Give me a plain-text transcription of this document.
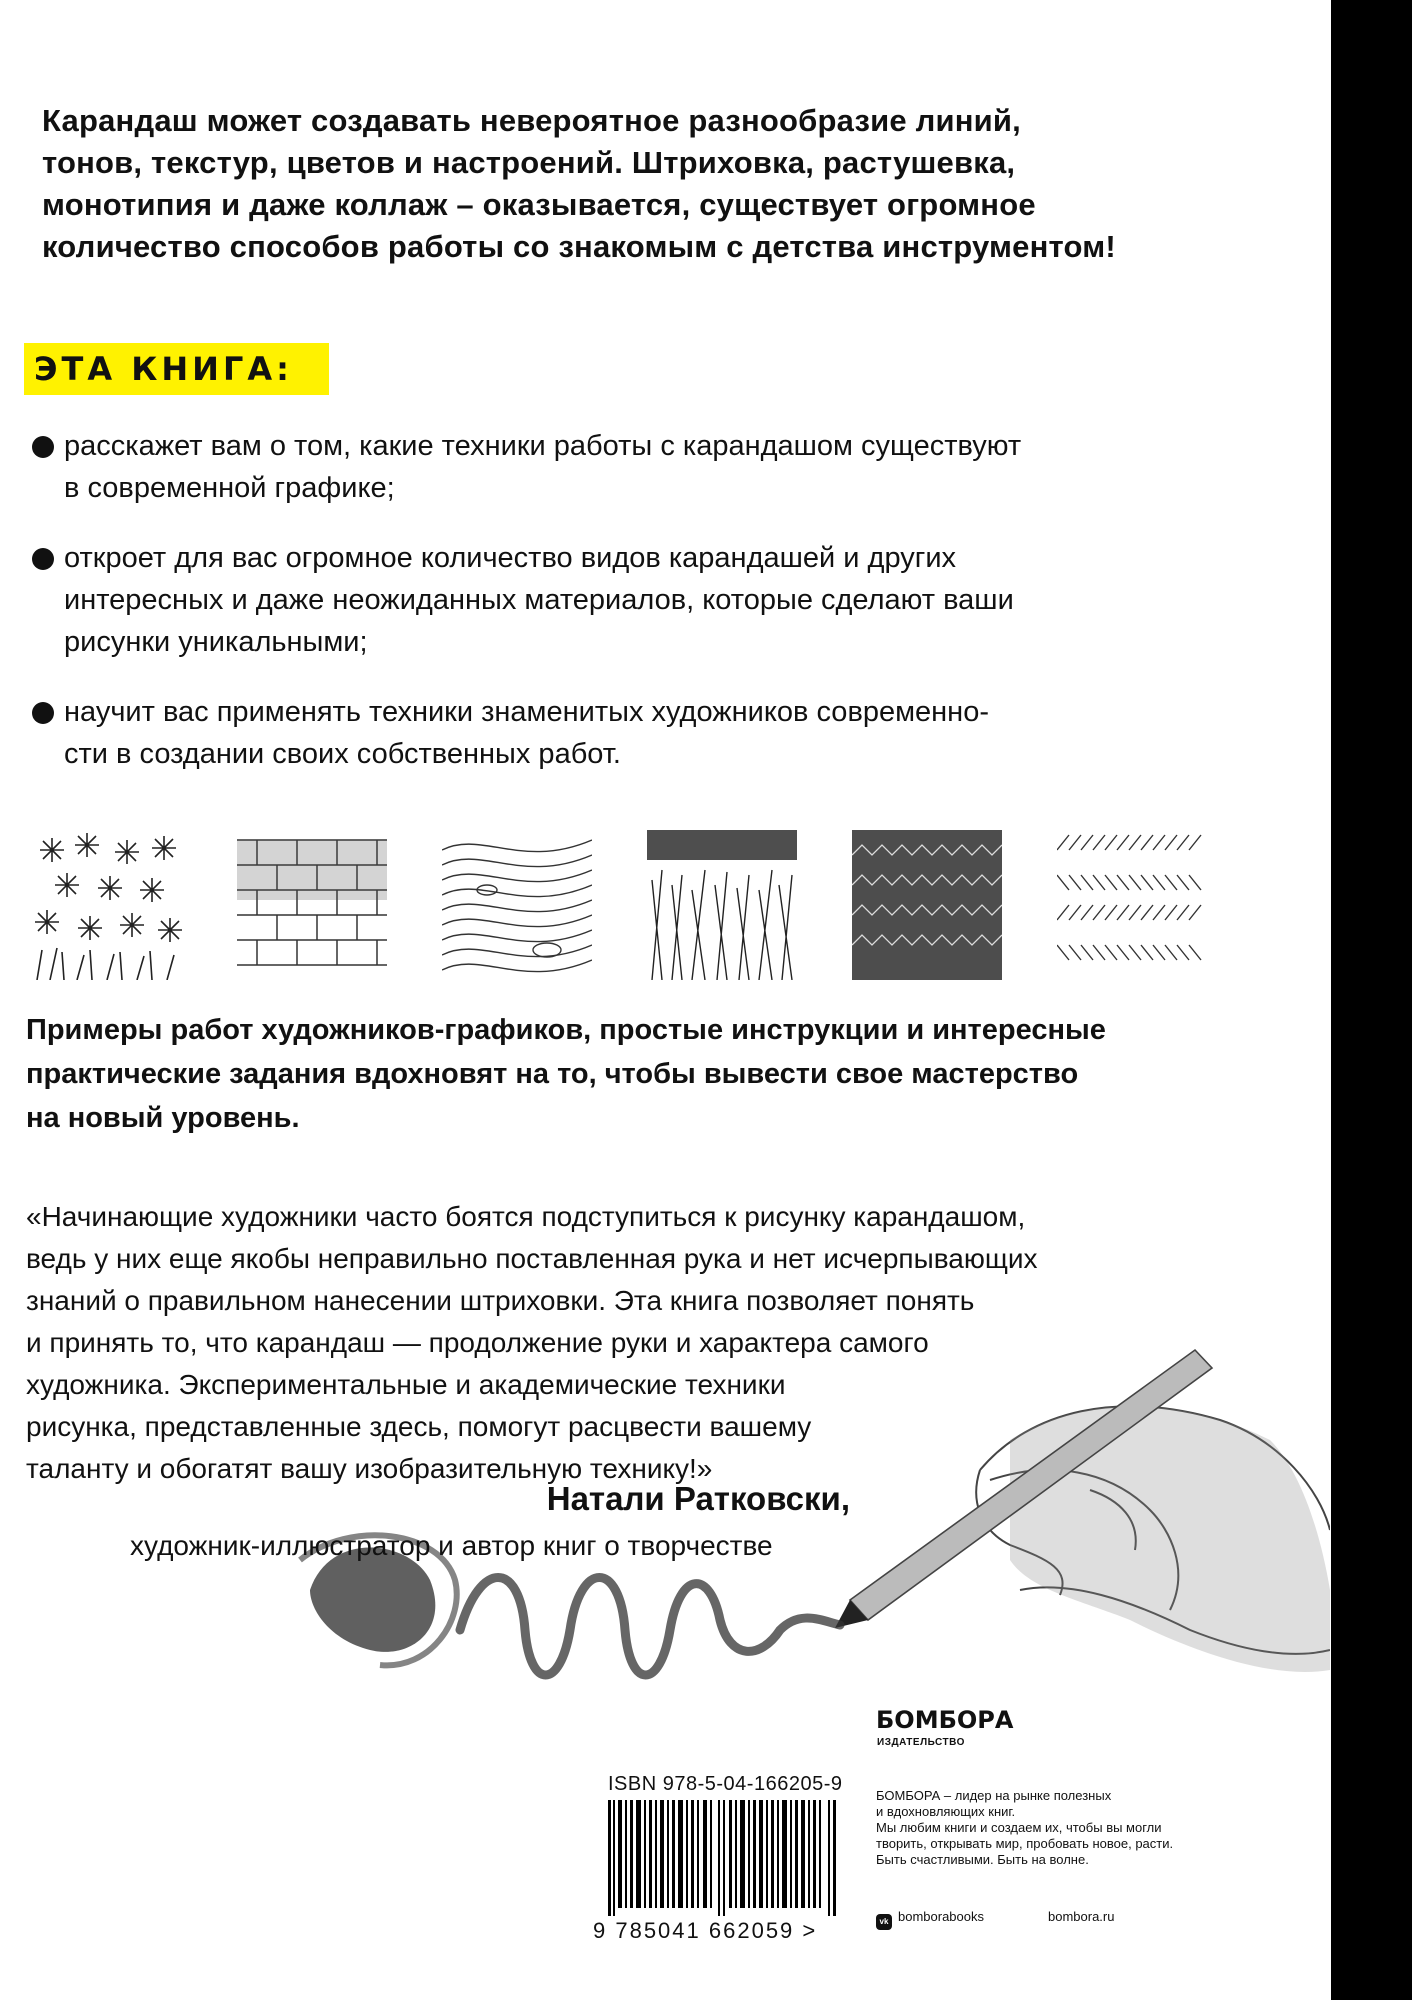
Карандаш может создавать невероятное разнообразие линий,
тонов, текстур, цветов и настроений. Штриховка, растушевка,
монотипия и даже коллаж – оказывается, существует огромное
количество способов работы со знакомым с детства инструментом!
ЭТА КНИГА:
расскажет вам о том, какие техники работы с карандашом существуют
в современной графике;
откроет для вас огромное количество видов карандашей и других
интересных и даже неожиданных материалов, которые сделают ваши
рисунки уникальными;
научит вас применять техники знаменитых художников современно-
сти в создании своих собственных работ.
Примеры работ художников-графиков, простые инструкции и интересные
практические задания вдохновят на то, чтобы вывести свое мастерство
на новый уровень.
«Начинающие художники часто боятся подступиться к рисунку карандашом,
ведь у них еще якобы неправильно поставленная рука и нет исчерпывающих
знаний о правильном нанесении штриховки. Эта книга позволяет понять
и принять то, что карандаш — продолжение руки и характера самого
художника. Экспериментальные и академические техники
рисунка, представленные здесь, помогут расцвести вашему
таланту и обогатят вашу изобразительную технику!»
Натали Ратковски,
художник-иллюстратор и автор книг о творчестве
ISBN 978-5-04-166205-9
9 785041 662059 >
БОМБОРА
ИЗДАТЕЛЬСТВО
БОМБОРА – лидер на рынке полезных
и вдохновляющих книг.
Мы любим книги и создаем их, чтобы вы могли
творить, открывать мир, пробовать новое, расти.
Быть счастливыми. Быть на волне.
vk bomborabooks	bombora.ru
